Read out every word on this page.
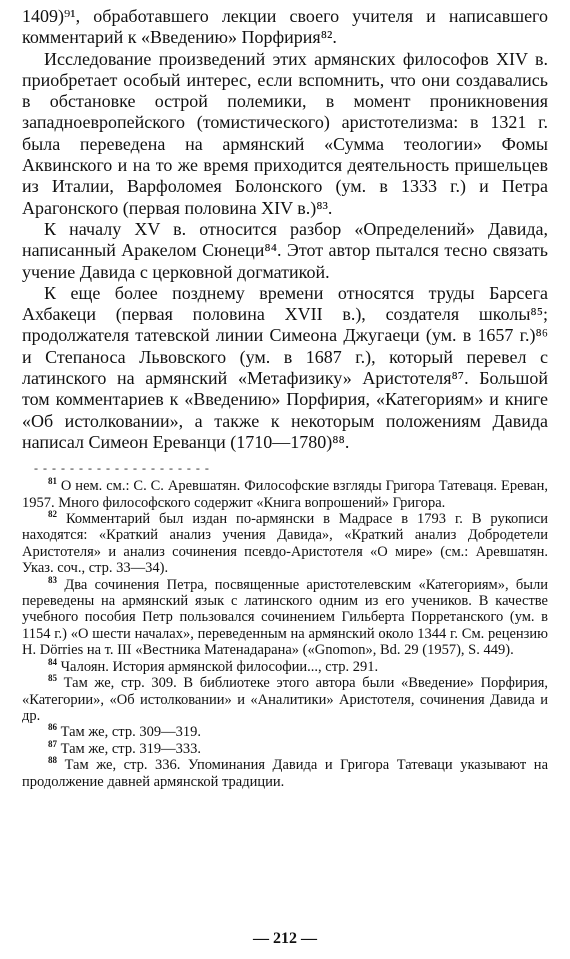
1409)⁹¹, обработавшего лекции своего учителя и написавшего комментарий к «Введению» Порфирия⁸².

Исследование произведений этих армянских философов XIV в. приобретает особый интерес, если вспомнить, что они создавались в обстановке острой полемики, в момент проникновения западноевропейского (томистического) аристотелизма: в 1321 г. была переведена на армянский «Сумма теологии» Фомы Аквинского и на то же время приходится деятельность пришельцев из Италии, Варфоломея Болонского (ум. в 1333 г.) и Петра Арагонского (первая половина XIV в.)⁸³.

К началу XV в. относится разбор «Определений» Давида, написанный Аракелом Сюнеци⁸⁴. Этот автор пытался тесно связать учение Давида с церковной догматикой.

К еще более позднему времени относятся труды Барсега Ахбакеци (первая половина XVII в.), создателя школы⁸⁵; продолжателя татевской линии Симеона Джугаеци (ум. в 1657 г.)⁸⁶ и Степаноса Львовского (ум. в 1687 г.), который перевел с латинского на армянский «Метафизику» Аристотеля⁸⁷. Большой том комментариев к «Введению» Порфирия, «Категориям» и книге «Об истолковании», а также к некоторым положениям Давида написал Симеон Ереванци (1710—1780)⁸⁸.

- - - - - - - - - - - - - - - - - - - -

$^{81}$ О нем. см.: С. С. Аревшатян. Философские взгляды Григора Татеваця. Ереван, 1957. Много философского содержит «Книга вопрошений» Григора.

$^{82}$ Комментарий был издан по-армянски в Мадрасе в 1793 г. В рукописи находятся: «Краткий анализ учения Давида», «Краткий анализ Добродетели Аристотеля» и анализ сочинения псевдо-Аристотеля «О мире» (см.: Аревшатян. Указ. соч., стр. 33—34).

$^{83}$ Два сочинения Петра, посвященные аристотелевским «Категориям», были переведены на армянский язык с латинского одним из его учеников. В качестве учебного пособия Петр пользовался сочинением Гильберта Порретанского (ум. в 1154 г.) «О шести началах», переведенным на армянский около 1344 г. См. рецензию H. Dörries на т. III «Вестника Матенадарана» («Gnomon», Bd. 29 (1957), S. 449).

$^{84}$ Чалоян. История армянской философии..., стр. 291.

$^{85}$ Там же, стр. 309. В библиотеке этого автора были «Введение» Порфирия, «Категории», «Об истолковании» и «Аналитики» Аристотеля, сочинения Давида и др.

$^{86}$ Там же, стр. 309—319.

$^{87}$ Там же, стр. 319—333.

$^{88}$ Там же, стр. 336. Упоминания Давида и Григора Татеваци указывают на продолжение давней армянской традиции.

— 212 —
